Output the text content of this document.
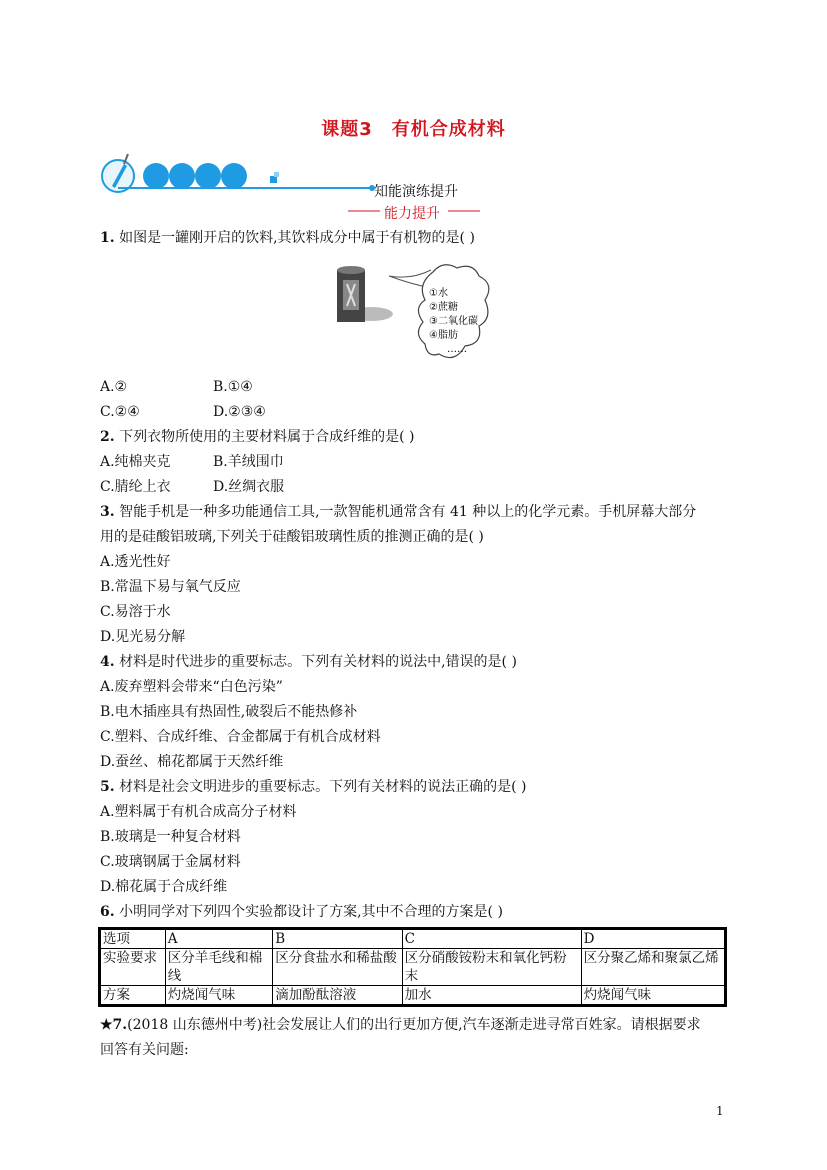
课题3　有机合成材料
知能演练提升
能力提升
1. 如图是一罐刚开启的饮料,其饮料成分中属于有机物的是( )
①水
②蔗糖
③二氧化碳
④脂肪
……
A.②	B.①④
C.②④	D.②③④
2. 下列衣物所使用的主要材料属于合成纤维的是( )
A.纯棉夹克	B.羊绒围巾
C.腈纶上衣	D.丝绸衣服
3. 智能手机是一种多功能通信工具,一款智能机通常含有 41 种以上的化学元素。手机屏幕大部分
用的是硅酸铝玻璃,下列关于硅酸铝玻璃性质的推测正确的是( )
A.透光性好
B.常温下易与氧气反应
C.易溶于水
D.见光易分解
4. 材料是时代进步的重要标志。下列有关材料的说法中,错误的是( )
A.废弃塑料会带来“白色污染”
B.电木插座具有热固性,破裂后不能热修补
C.塑料、合成纤维、合金都属于有机合成材料
D.蚕丝、棉花都属于天然纤维
5. 材料是社会文明进步的重要标志。下列有关材料的说法正确的是( )
A.塑料属于有机合成高分子材料
B.玻璃是一种复合材料
C.玻璃钢属于金属材料
D.棉花属于合成纤维
6. 小明同学对下列四个实验都设计了方案,其中不合理的方案是( )
选项	A	B	C	D
实验要求	区分羊毛线和棉线	区分食盐水和稀盐酸	区分硝酸铵粉末和氧化钙粉末	区分聚乙烯和聚氯乙烯
方案	灼烧闻气味	滴加酚酞溶液	加水	灼烧闻气味
★7.(2018 山东德州中考)社会发展让人们的出行更加方便,汽车逐渐走进寻常百姓家。请根据要求
回答有关问题:
1
